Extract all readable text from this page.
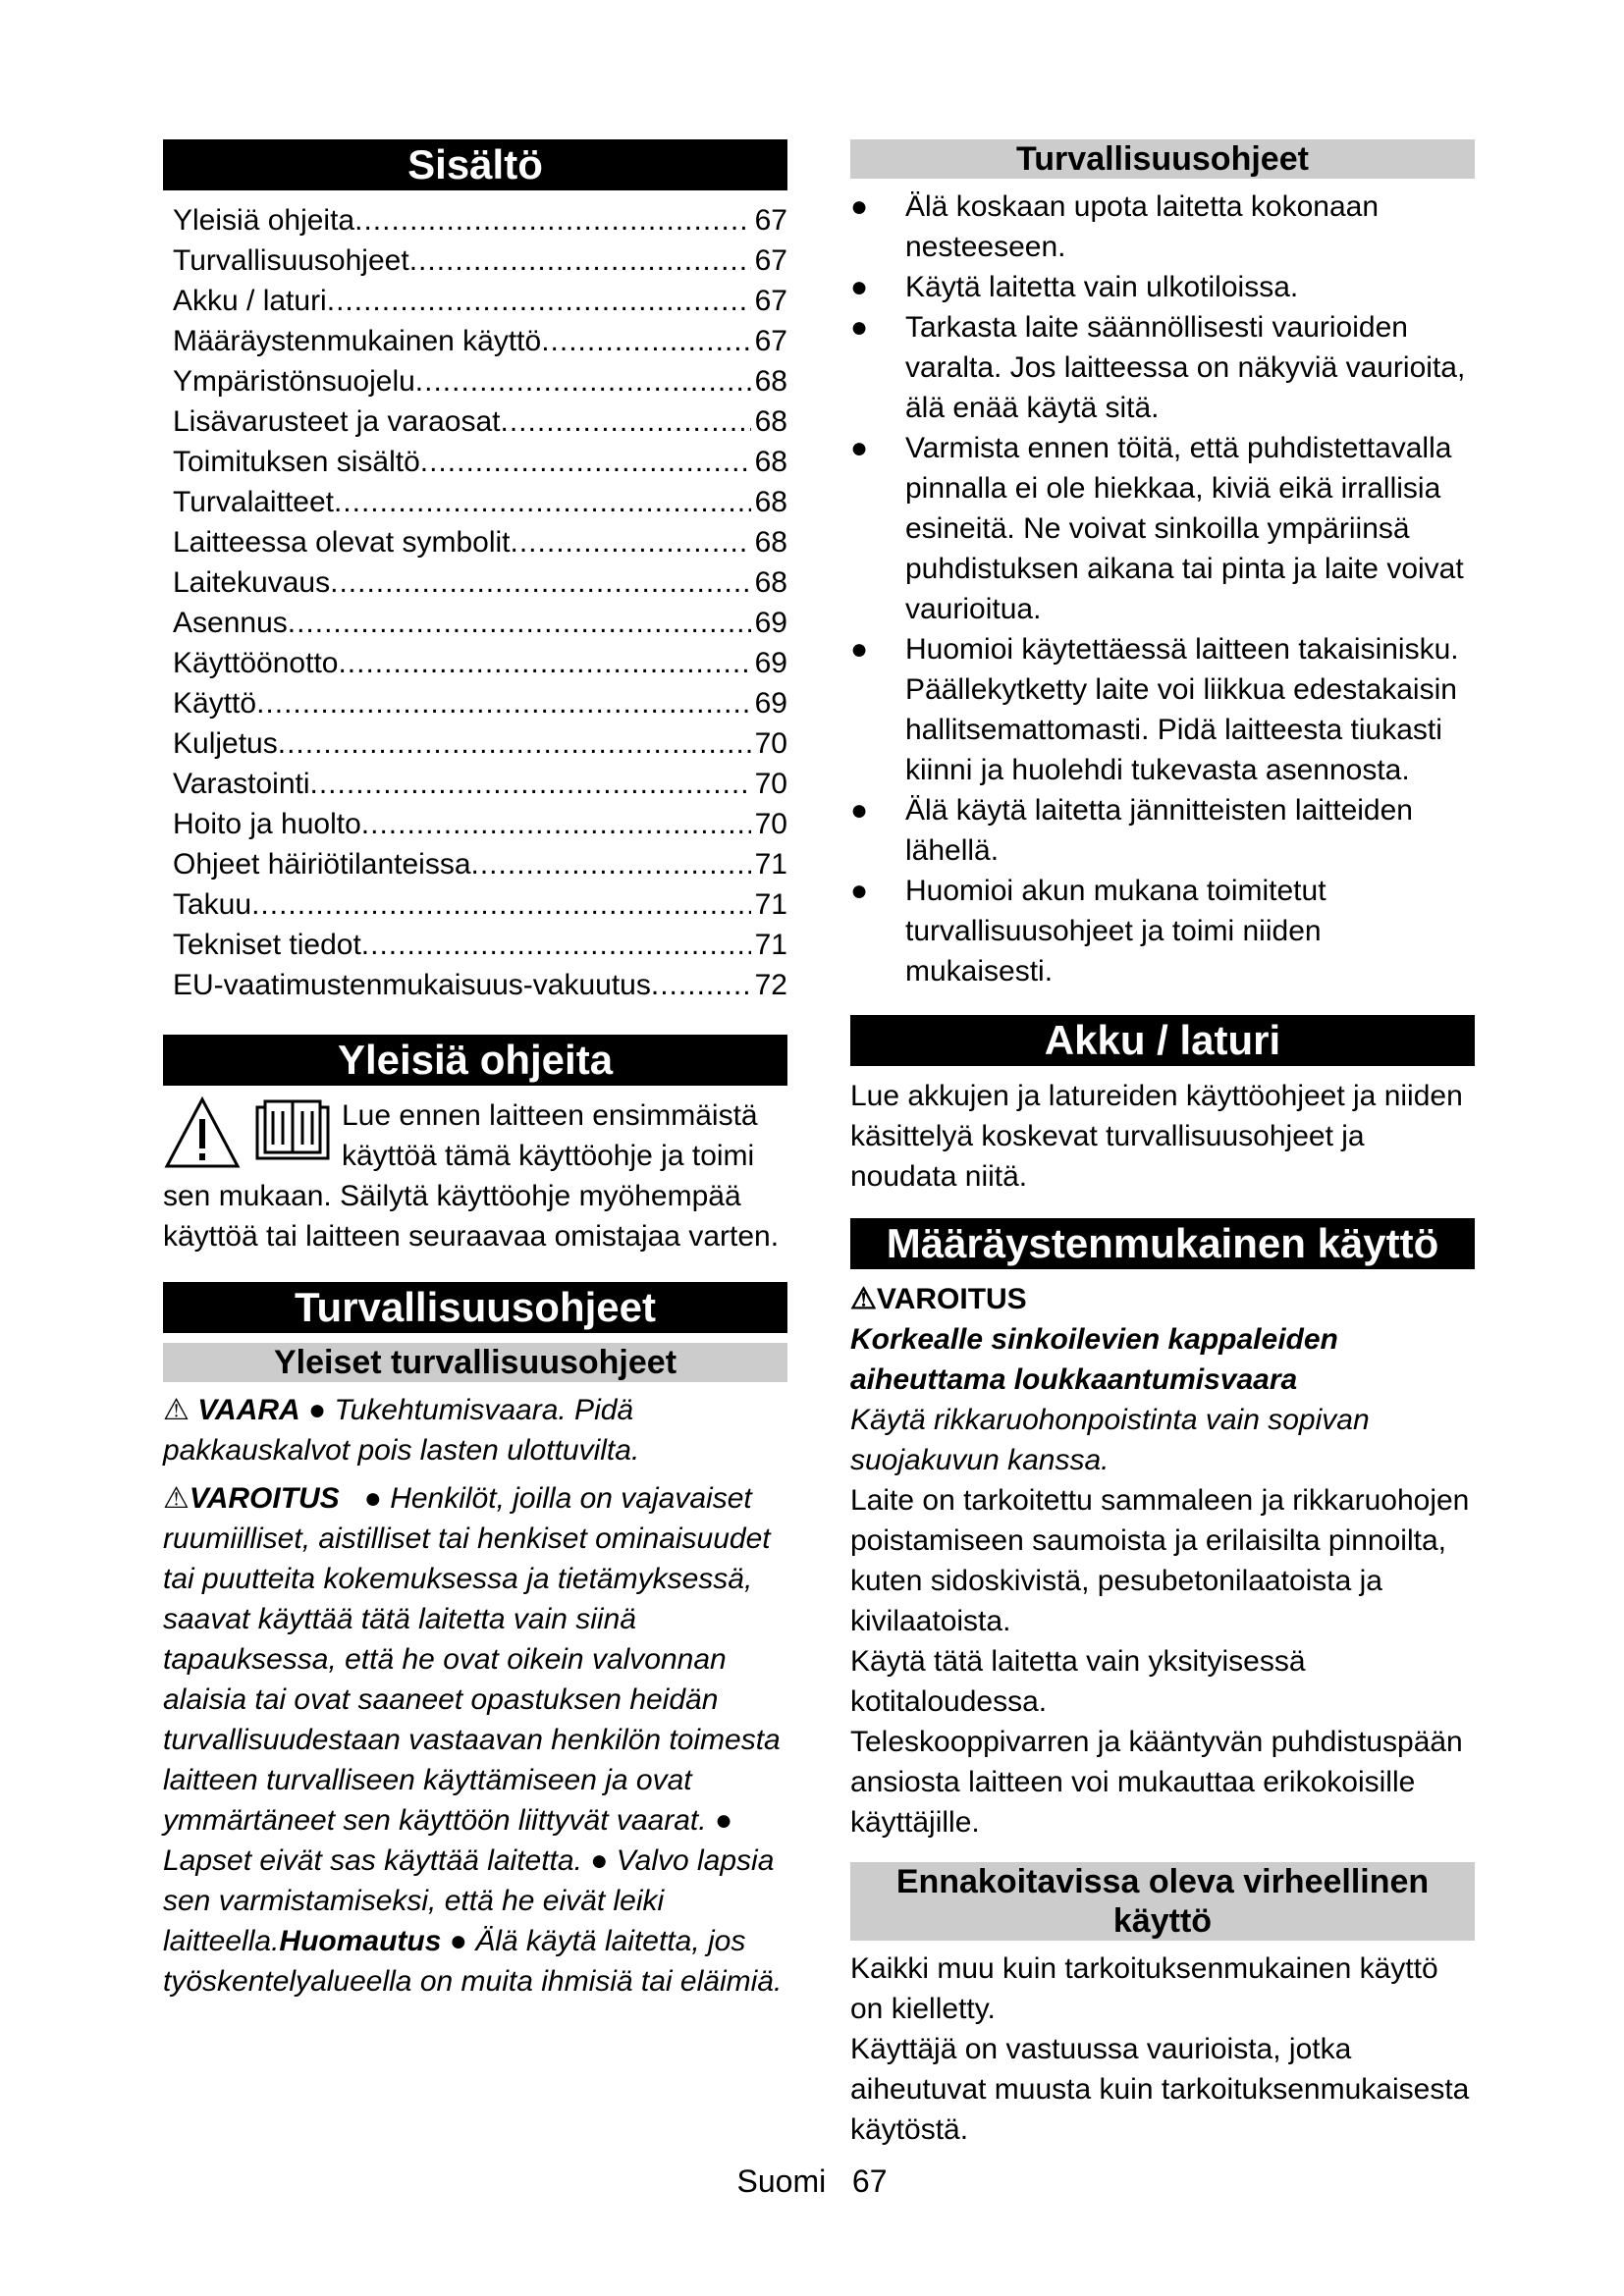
Sisältö
Yleisiä ohjeita .....	67
Turvallisuusohjeet .....	67
Akku / laturi .....	67
Määräystenmukainen käyttö .....	67
Ympäristönsuojelu .....	68
Lisävarusteet ja varaosat .....	68
Toimituksen sisältö .....	68
Turvalaitteet .....	68
Laitteessa olevat symbolit .....	68
Laitekuvaus .....	68
Asennus .....	69
Käyttöönotto .....	69
Käyttö .....	69
Kuljetus .....	70
Varastointi .....	70
Hoito ja huolto .....	70
Ohjeet häiriötilanteissa .....	71
Takuu .....	71
Tekniset tiedot .....	71
EU-vaatimustenmukaisuus-vakuutus .....	72
Yleisiä ohjeita

Lue ennen laitteen ensimmäistä käyttöä tämä käyttöohje ja toimi sen mukaan. Säilytä käyttöohje myöhempää käyttöä tai laitteen seuraavaa omistajaa varten.

Turvallisuusohjeet
Yleiset turvallisuusohjeet

⚠ VAARA ● Tukehtumisvaara. Pidä pakkauskalvot pois lasten ulottuvilta.

⚠VAROITUS   ● Henkilöt, joilla on vajavaiset ruumiilliset, aistilliset tai henkiset ominaisuudet tai puutteita kokemuksessa ja tietämyksessä, saavat käyttää tätä laitetta vain siinä tapauksessa, että he ovat oikein valvonnan alaisia tai ovat saaneet opastuksen heidän turvallisuudestaan vastaavan henkilön toimesta laitteen turvalliseen käyttämiseen ja ovat ymmärtäneet sen käyttöön liittyvät vaarat. ● Lapset eivät sas käyttää laitetta. ● Valvo lapsia sen varmistamiseksi, että he eivät leiki laitteella.Huomautus ● Älä käytä laitetta, jos työskentelyalueella on muita ihmisiä tai eläimiä.

Turvallisuusohjeet
●	Älä koskaan upota laitetta kokonaan nesteeseen.
●	Käytä laitetta vain ulkotiloissa.
●	Tarkasta laite säännöllisesti vaurioiden varalta. Jos laitteessa on näkyviä vaurioita, älä enää käytä sitä.
●	Varmista ennen töitä, että puhdistettavalla pinnalla ei ole hiekkaa, kiviä eikä irrallisia esineitä. Ne voivat sinkoilla ympäriinsä puhdistuksen aikana tai pinta ja laite voivat vaurioitua.
●	Huomioi käytettäessä laitteen takaisinisku. Päällekytketty laite voi liikkua edestakaisin hallitsemattomasti. Pidä laitteesta tiukasti kiinni ja huolehdi tukevasta asennosta.
●	Älä käytä laitetta jännitteisten laitteiden lähellä.
●	Huomioi akun mukana toimitetut turvallisuusohjeet ja toimi niiden mukaisesti.
Akku / laturi

Lue akkujen ja latureiden käyttöohjeet ja niiden käsittelyä koskevat turvallisuusohjeet ja noudata niitä.

Määräystenmukainen käyttö

⚠VAROITUS

Korkealle sinkoilevien kappaleiden aiheuttama loukkaantumisvaara

Käytä rikkaruohonpoistinta vain sopivan suojakuvun kanssa.

Laite on tarkoitettu sammaleen ja rikkaruohojen poistamiseen saumoista ja erilaisilta pinnoilta, kuten sidoskivistä, pesubetonilaatoista ja kivilaatoista.

Käytä tätä laitetta vain yksityisessä kotitaloudessa.

Teleskooppivarren ja kääntyvän puhdistuspään ansiosta laitteen voi mukauttaa erikokoisille käyttäjille.

Ennakoitavissa oleva virheellinen käyttö

Kaikki muu kuin tarkoituksenmukainen käyttö on kielletty.

Käyttäjä on vastuussa vaurioista, jotka aiheutuvat muusta kuin tarkoituksenmukaisesta käytöstä.

Suomi 67
